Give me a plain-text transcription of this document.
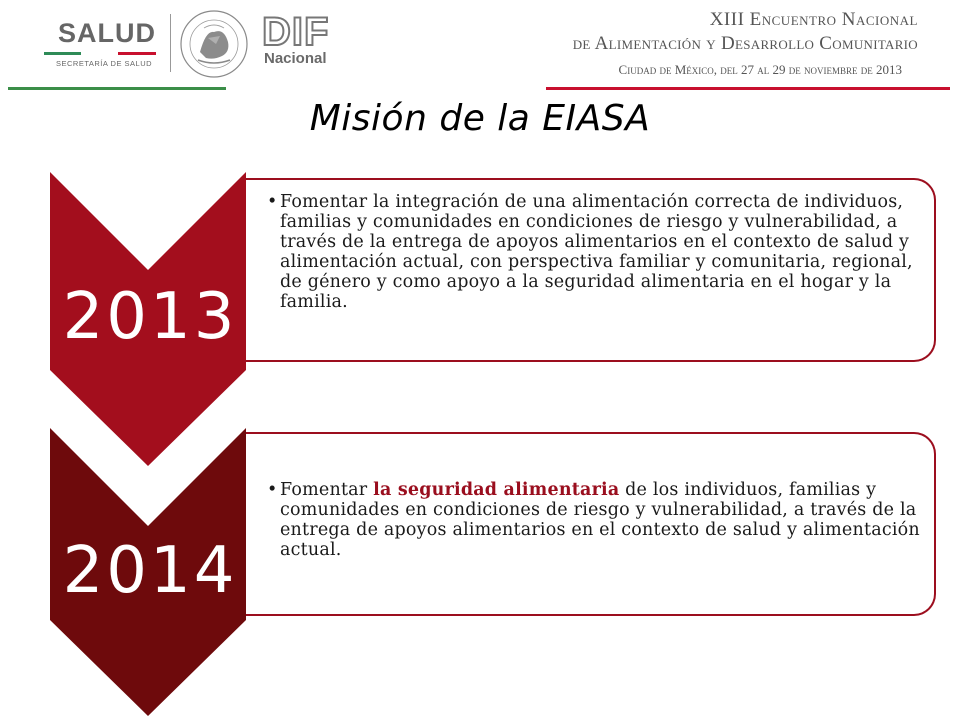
SALUD
SECRETARÍA DE SALUD
DIF
Nacional
XIII Encuentro Nacional
de Alimentación y Desarrollo Comunitario
Ciudad de México, del 27 al 29 de noviembre de 2013
Misión de la EIASA
• Fomentar la integración de una alimentación correcta de individuos, familias y comunidades en condiciones de riesgo y vulnerabilidad, a través de la entrega de apoyos alimentarios en el contexto de salud y alimentación actual, con perspectiva familiar y comunitaria, regional, de género y como apoyo a la seguridad alimentaria en el hogar y la familia.
• Fomentar la seguridad alimentaria de los individuos, familias y comunidades en condiciones de riesgo y vulnerabilidad, a través de la entrega de apoyos alimentarios en el contexto de salud y alimentación actual.
2013
2014
